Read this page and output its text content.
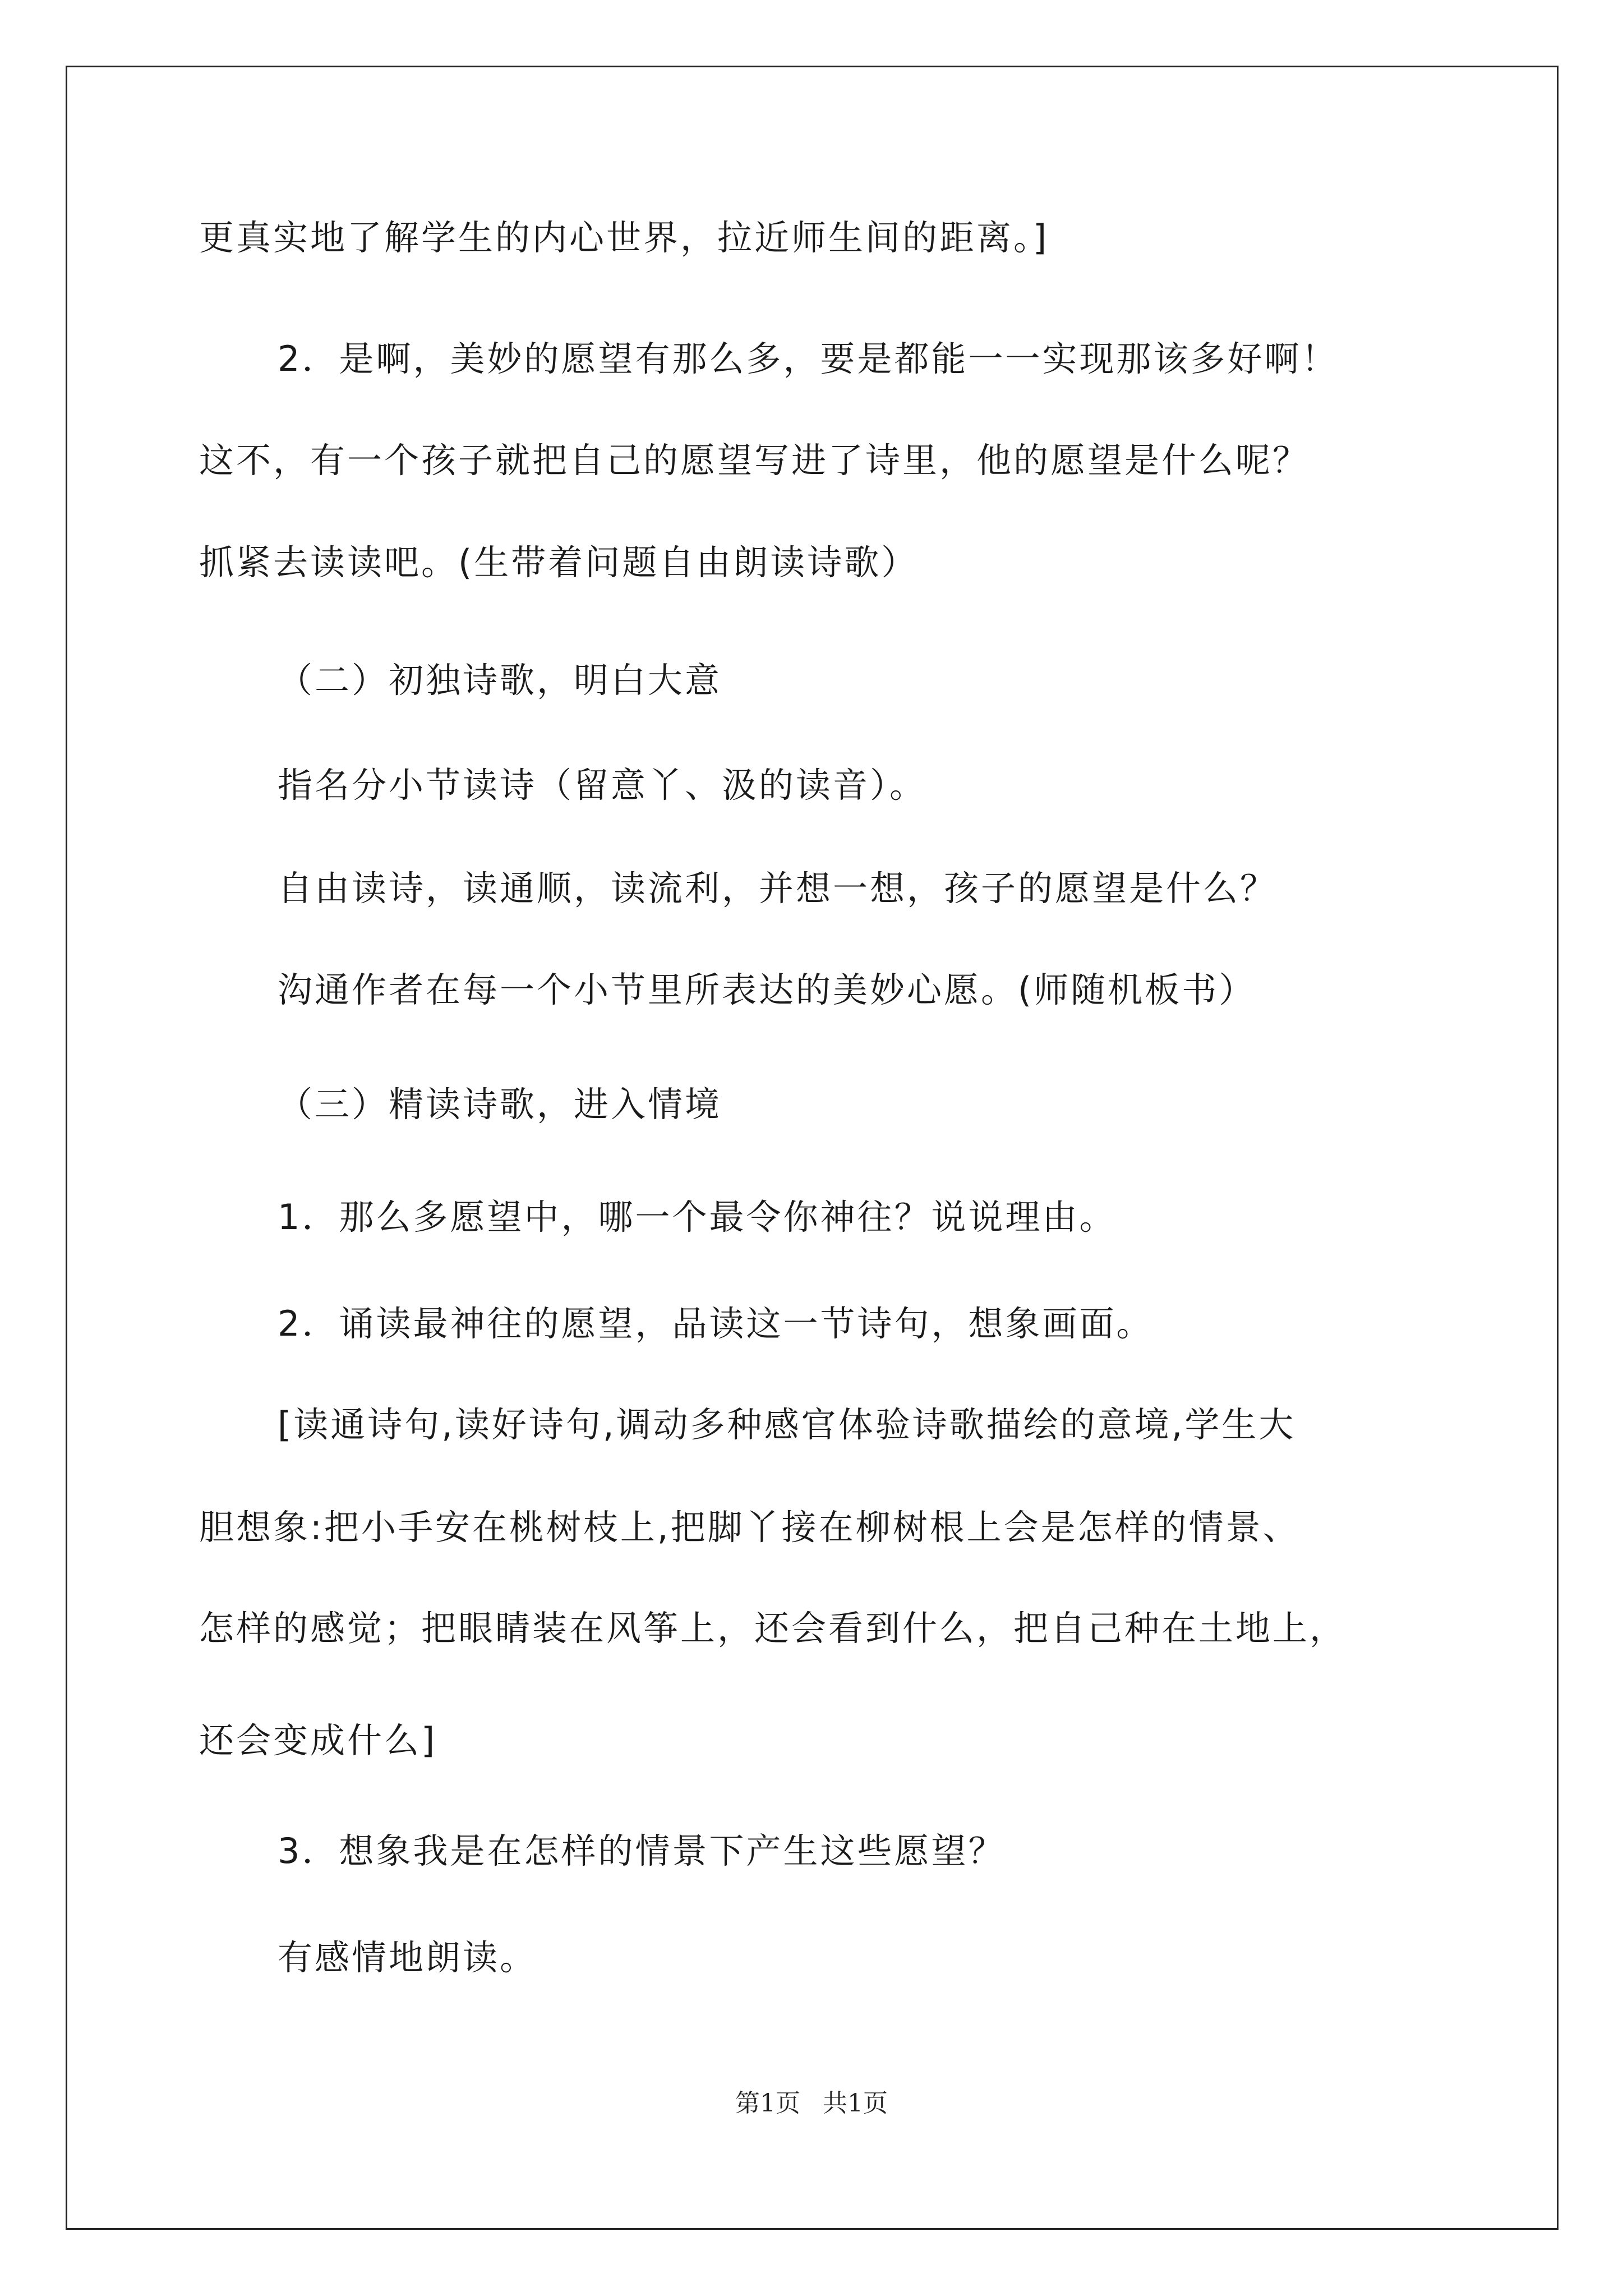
更真实地了解学生的内心世界，拉近师生间的距离。]
2．是啊，美妙的愿望有那么多，要是都能一一实现那该多好啊！
这不，有一个孩子就把自己的愿望写进了诗里，他的愿望是什么呢？
抓紧去读读吧。(生带着问题自由朗读诗歌）
（二）初独诗歌，明白大意
指名分小节读诗（留意丫、汲的读音）。
自由读诗，读通顺，读流利，并想一想，孩子的愿望是什么？
沟通作者在每一个小节里所表达的美妙心愿。(师随机板书）
（三）精读诗歌，进入情境
1．那么多愿望中，哪一个最令你神往？说说理由。
2．诵读最神往的愿望，品读这一节诗句，想象画面。
[读通诗句,读好诗句,调动多种感官体验诗歌描绘的意境,学生大
胆想象:把小手安在桃树枝上,把脚丫接在柳树根上会是怎样的情景、
怎样的感觉；把眼睛装在风筝上，还会看到什么，把自己种在土地上，
还会变成什么]
3．想象我是在怎样的情景下产生这些愿望？
有感情地朗读。
第1页 共1页
